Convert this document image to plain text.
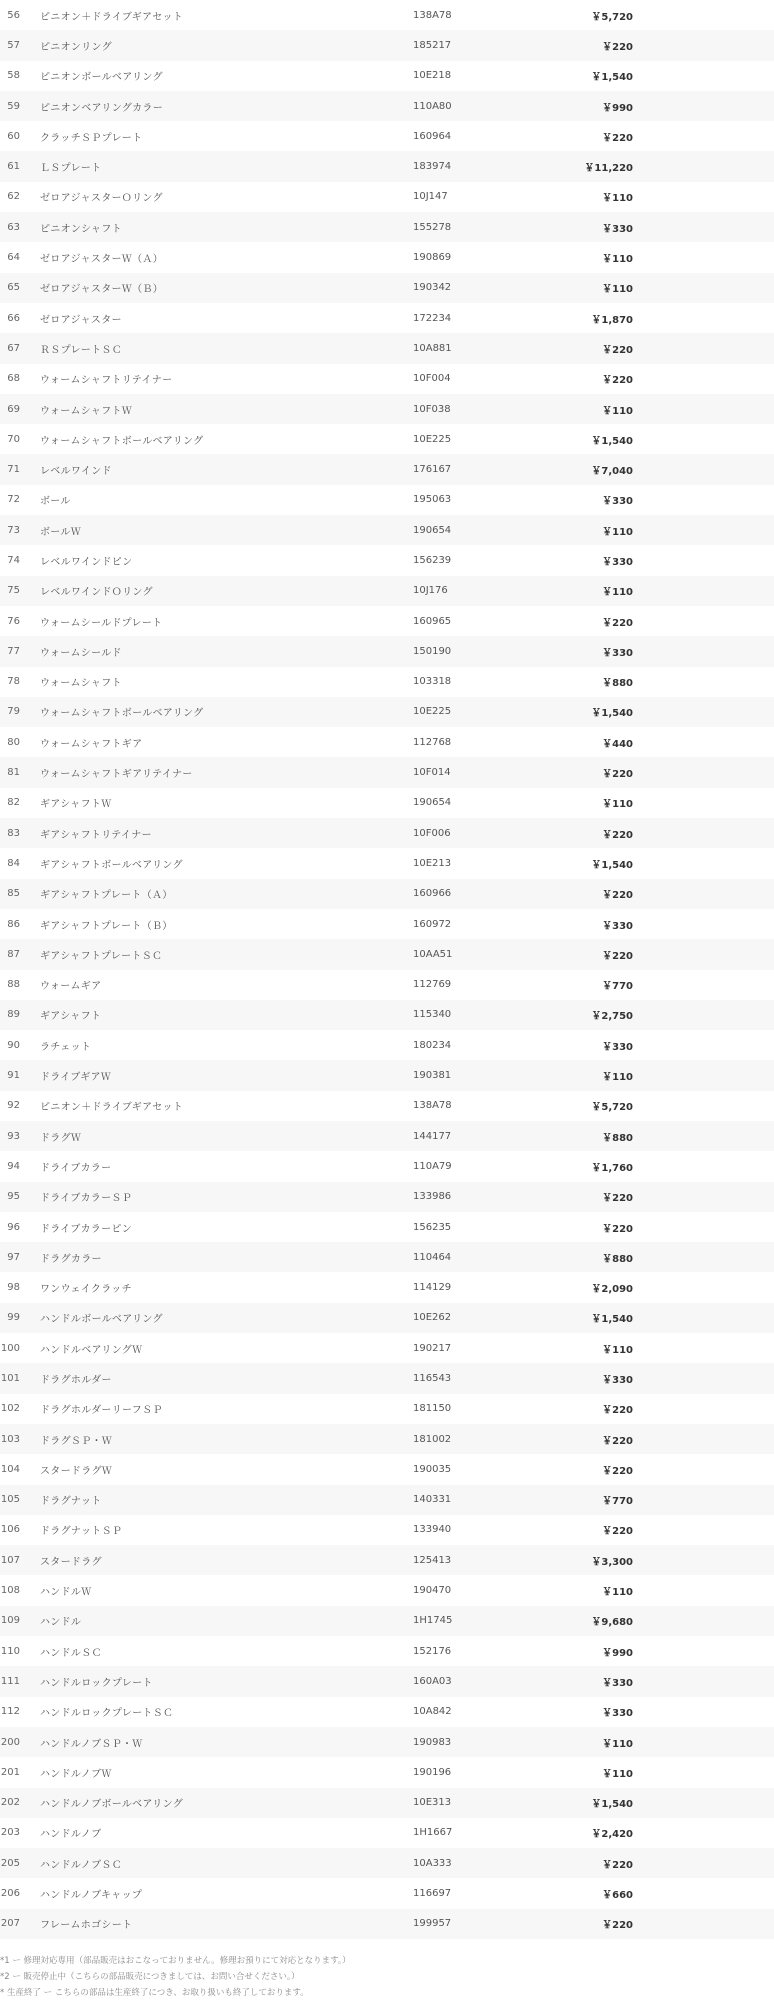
56	ピニオン＋ドライブギアセット	138A78	￥5,720
57	ピニオンリング	185217	￥220
58	ピニオンボールベアリング	10E218	￥1,540
59	ピニオンベアリングカラー	110A80	￥990
60	クラッチＳＰプレート	160964	￥220
61	ＬＳプレート	183974	￥11,220
62	ゼロアジャスターＯリング	10J147	￥110
63	ピニオンシャフト	155278	￥330
64	ゼロアジャスターＷ（Ａ）	190869	￥110
65	ゼロアジャスターＷ（Ｂ）	190342	￥110
66	ゼロアジャスター	172234	￥1,870
67	ＲＳプレートＳＣ	10A881	￥220
68	ウォームシャフトリテイナー	10F004	￥220
69	ウォームシャフトＷ	10F038	￥110
70	ウォームシャフトボールベアリング	10E225	￥1,540
71	レベルワインド	176167	￥7,040
72	ボール	195063	￥330
73	ボールＷ	190654	￥110
74	レベルワインドピン	156239	￥330
75	レベルワインドＯリング	10J176	￥110
76	ウォームシールドプレート	160965	￥220
77	ウォームシールド	150190	￥330
78	ウォームシャフト	103318	￥880
79	ウォームシャフトボールベアリング	10E225	￥1,540
80	ウォームシャフトギア	112768	￥440
81	ウォームシャフトギアリテイナー	10F014	￥220
82	ギアシャフトＷ	190654	￥110
83	ギアシャフトリテイナー	10F006	￥220
84	ギアシャフトボールベアリング	10E213	￥1,540
85	ギアシャフトプレート（Ａ）	160966	￥220
86	ギアシャフトプレート（Ｂ）	160972	￥330
87	ギアシャフトプレートＳＣ	10AA51	￥220
88	ウォームギア	112769	￥770
89	ギアシャフト	115340	￥2,750
90	ラチェット	180234	￥330
91	ドライブギアＷ	190381	￥110
92	ピニオン＋ドライブギアセット	138A78	￥5,720
93	ドラグＷ	144177	￥880
94	ドライブカラー	110A79	￥1,760
95	ドライブカラーＳＰ	133986	￥220
96	ドライブカラーピン	156235	￥220
97	ドラグカラー	110464	￥880
98	ワンウェイクラッチ	114129	￥2,090
99	ハンドルボールベアリング	10E262	￥1,540
100	ハンドルベアリングＷ	190217	￥110
101	ドラグホルダー	116543	￥330
102	ドラグホルダーリーフＳＰ	181150	￥220
103	ドラグＳＰ・Ｗ	181002	￥220
104	スタードラグＷ	190035	￥220
105	ドラグナット	140331	￥770
106	ドラグナットＳＰ	133940	￥220
107	スタードラグ	125413	￥3,300
108	ハンドルＷ	190470	￥110
109	ハンドル	1H1745	￥9,680
110	ハンドルＳＣ	152176	￥990
111	ハンドルロックプレート	160A03	￥330
112	ハンドルロックプレートＳＣ	10A842	￥330
200	ハンドルノブＳＰ・Ｗ	190983	￥110
201	ハンドルノブＷ	190196	￥110
202	ハンドルノブボールベアリング	10E313	￥1,540
203	ハンドルノブ	1H1667	￥2,420
205	ハンドルノブＳＣ	10A333	￥220
206	ハンドルノブキャップ	116697	￥660
207	フレームホゴシート	199957	￥220
*1 ー 修理対応専用（部品販売はおこなっておりません。修理お預りにて対応となります。）
*2 ー 販売停止中（こちらの部品販売につきましては、お問い合せください。）
* 生産終了 ー こちらの部品は生産終了につき、お取り扱いも終了しております。
